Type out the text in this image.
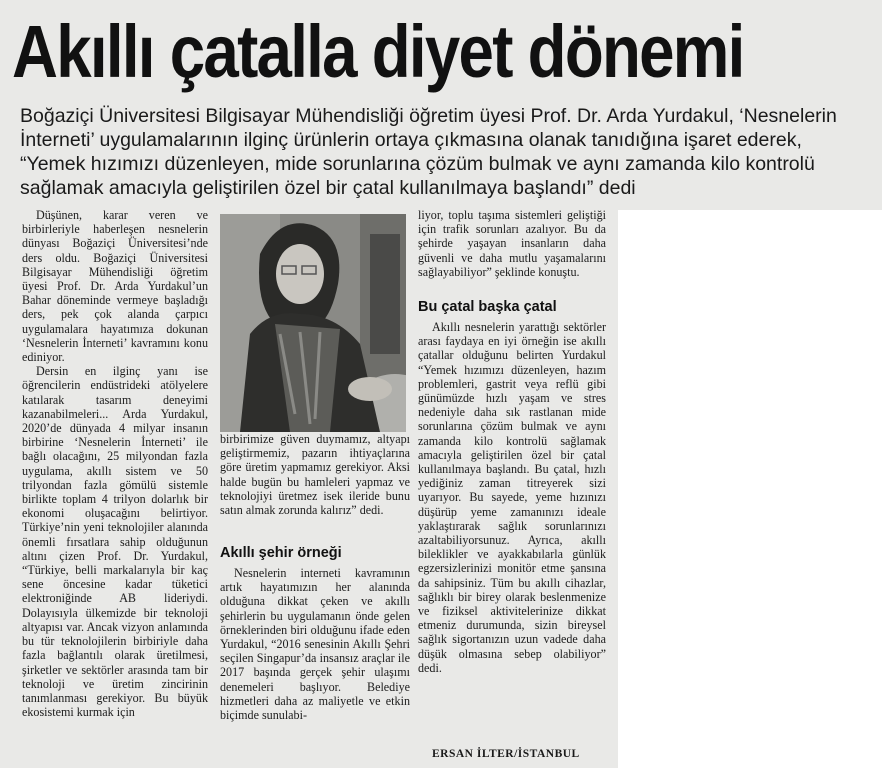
Akıllı çatalla diyet dönemi
Boğaziçi Üniversitesi Bilgisayar Mühendisliği öğretim üyesi Prof. Dr. Arda Yurdakul, ‘Nesnelerin İnterneti’ uygulamalarının ilginç ürünlerin ortaya çıkmasına olanak tanıdığına işaret ederek, “Yemek hızımızı düzenleyen, mide sorunlarına çözüm bulmak ve aynı zamanda kilo kontrolü sağlamak amacıyla geliştirilen özel bir çatal kullanılmaya başlandı” dedi

Düşünen, karar veren ve birbirleriyle haberleşen nesnelerin dünyası Boğaziçi Üniversitesi’nde ders oldu. Boğaziçi Üniversitesi Bilgisayar Mühendisliği öğretim üyesi Prof. Dr. Arda Yurdakul’un Bahar döneminde vermeye başladığı ders, pek çok alanda çarpıcı uygulamalara hayatımıza dokunan ‘Nesnelerin İnterneti’ kavramını konu ediniyor.

Dersin en ilginç yanı ise öğrencilerin endüstrideki atölyelere katılarak tasarım deneyimi kazanabilmeleri... Arda Yurdakul, 2020’de dünyada 4 milyar insanın birbirine ‘Nesnelerin İnterneti’ ile bağlı olacağını, 25 milyondan fazla uygulama, akıllı sistem ve 50 trilyondan fazla gömülü sistemle birlikte toplam 4 trilyon dolarlık bir ekonomi oluşacağını belirtiyor. Türkiye’nin yeni teknolojiler alanında önemli fırsatlara sahip olduğunun altını çizen Prof. Dr. Yurdakul, “Türkiye, belli markalarıyla bir kaç sene öncesine kadar tüketici elektroniğinde AB lideriydi. Dolayısıyla ülkemizde bir teknoloji altyapısı var. Ancak vizyon anlamında bu tür teknolojilerin birbiriyle daha fazla bağlantılı olarak üretilmesi, şirketler ve sektörler arasında tam bir teknoloji ve üretim zincirinin tanımlanması gerekiyor. Bu büyük ekosistemi kurmak için

birbirimize güven duymamız, altyapı geliştirmemiz, pazarın ihtiyaçlarına göre üretim yapmamız gerekiyor. Aksi halde bugün bu hamleleri yapmaz ve teknolojiyi üretmez isek ileride bunu satın almak zorunda kalırız” dedi.

Akıllı şehir örneği

Nesnelerin interneti kavramının artık hayatımızın her alanında olduğuna dikkat çeken ve akıllı şehirlerin bu uygulamanın önde gelen örneklerinden biri olduğunu ifade eden Yurdakul, “2016 senesinin Akıllı Şehri seçilen Singapur’da insansız araçlar ile 2017 başında gerçek şehir ulaşımı denemeleri başlıyor. Belediye hizmetleri daha az maliyetle ve etkin biçimde sunulabi-

liyor, toplu taşıma sistemleri geliştiği için trafik sorunları azalıyor. Bu da şehirde yaşayan insanların daha güvenli ve daha mutlu yaşamalarını sağlayabiliyor” şeklinde konuştu.

Bu çatal başka çatal

Akıllı nesnelerin yarattığı sektörler arası faydaya en iyi örneğin ise akıllı çatallar olduğunu belirten Yurdakul “Yemek hızımızı düzenleyen, hazım problemleri, gastrit veya reflü gibi günümüzde hızlı yaşam ve stres nedeniyle daha sık rastlanan mide sorunlarına çözüm bulmak ve aynı zamanda kilo kontrolü sağlamak amacıyla geliştirilen özel bir çatal kullanılmaya başlandı. Bu çatal, hızlı yediğiniz zaman titreyerek sizi uyarıyor. Bu sayede, yeme hızınızı düşürüp yeme zamanınızı ideale yaklaştırarak sağlık sorunlarınızı azaltabiliyorsunuz. Ayrıca, akıllı bileklikler ve ayakkabılarla günlük egzersizlerinizi monitör etme şansına da sahipsiniz. Tüm bu akıllı cihazlar, sağlıklı bir birey olarak beslenmenize ve fiziksel aktivitelerinize dikkat etmeniz durumunda, sizin bireysel sağlık sigortanızın uzun vadede daha düşük olmasına sebep olabiliyor” dedi.

ERSAN İLTER/İSTANBUL
